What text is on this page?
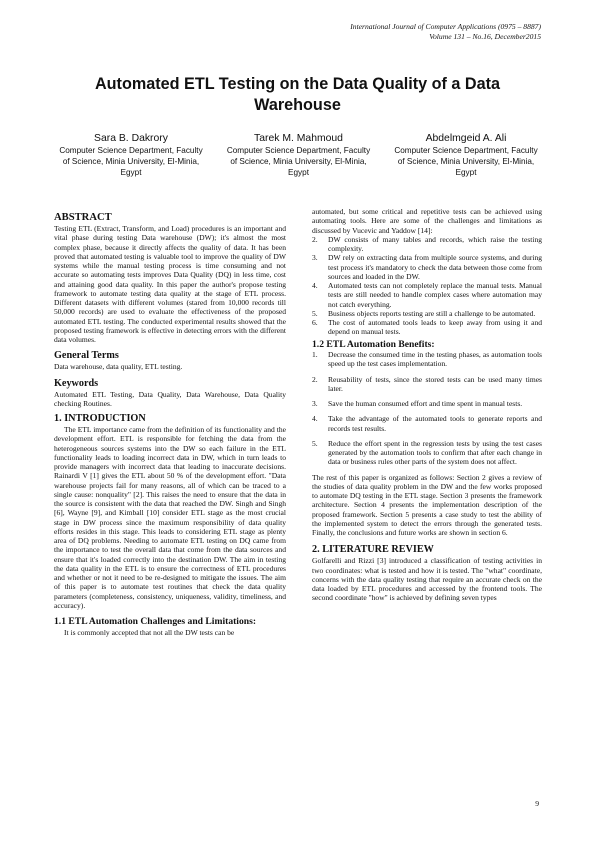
International Journal of Computer Applications (0975 – 8887)
Volume 131 – No.16, December2015
Automated ETL Testing on the Data Quality of a Data Warehouse
Sara B. Dakrory
Computer Science Department, Faculty of Science, Minia University, El-Minia, Egypt
Tarek M. Mahmoud
Computer Science Department, Faculty of Science, Minia University, El-Minia, Egypt
Abdelmgeid A. Ali
Computer Science Department, Faculty of Science, Minia University, El-Minia, Egypt
ABSTRACT

Testing ETL (Extract, Transform, and Load) procedures is an important and vital phase during testing Data warehouse (DW); it's almost the most complex phase, because it directly affects the quality of data. It has been proved that automated testing is valuable tool to improve the quality of DW systems while the manual testing process is time consuming and not accurate so automating tests improves Data Quality (DQ) in less time, cost and attaining good data quality. In this paper the author's propose testing framework to automate testing data quality at the stage of ETL process. Different datasets with different volumes (stared from 10,000 records till 50,000 records) are used to evaluate the effectiveness of the proposed automated ETL testing. The conducted experimental results showed that the proposed testing framework is effective in detecting errors with the different data volumes.

General Terms

Data warehouse, data quality, ETL testing.

Keywords

Automated ETL Testing, Data Quality, Data Warehouse, Data Quality checking Routines.

1. INTRODUCTION

The ETL importance came from the definition of its functionality and the development effort. ETL is responsible for fetching the data from the heterogeneous sources systems into the DW so each failure in the ETL functionality leads to loading incorrect data in DW, which in turn leads to provide managers with incorrect data that leading to inaccurate decisions. Rainardi V [1] gives the ETL about 50 % of the development effort. "Data warehouse projects fail for many reasons, all of which can be traced to a single cause: nonquality" [2]. This raises the need to ensure that the data in the source is consistent with the data that reached the DW. Singh and Singh [6], Wayne [9], and Kimball [10] consider ETL stage as the most crucial stage in DW process since the maximum responsibility of data quality efforts resides in this stage. This leads to considering ETL stage as plenty area of DQ problems. Needing to automate ETL testing on DQ came from the importance to test the overall data that come from the data sources and ensure that it's loaded correctly into the destination DW. The aim in testing the data quality in the ETL is to ensure the correctness of ETL procedures and whether or not it need to be re-designed to mitigate the issues. The aim of this paper is to automate test routines that check the data quality parameters (completeness, consistency, uniqueness, validity, timeliness, and accuracy).

1.1 ETL Automation Challenges and Limitations:

It is commonly accepted that not all the DW tests can be

automated, but some critical and repetitive tests can be achieved using automating tools. Here are some of the challenges and limitations as discussed by Vucevic and Yaddow [14]:

2.	DW consists of many tables and records, which raise the testing complexity.
3.	DW rely on extracting data from multiple source systems, and during test process it's mandatory to check the data between those come from sources and loaded in the DW.
4.	Automated tests can not completely replace the manual tests. Manual tests are still needed to handle complex cases where automation may not catch everything.
5.	Business objects reports testing are still a challenge to be automated.
6.	The cost of automated tools leads to keep away from using it and depend on manual tests.
1.2 ETL Automation Benefits:
1.	Decrease the consumed time in the testing phases, as automation tools speed up the test cases implementation.
2.	Reusability of tests, since the stored tests can be used many times later.
3.	Save the human consumed effort and time spent in manual tests.
4.	Take the advantage of the automated tools to generate reports and records test results.
5.	Reduce the effort spent in the regression tests by using the test cases generated by the automation tools to confirm that after each change in data or business rules other parts of the system does not affect.

The rest of this paper is organized as follows: Section 2 gives a review of the studies of data quality problem in the DW and the few works proposed to automate DQ testing in the ETL stage. Section 3 presents the framework architecture. Section 4 presents the implementation description of the proposed framework. Section 5 presents a case study to test the ability of the implemented system to detect the errors through the generated tests. Finally, the conclusions and future works are shown in section 6.

2. LITERATURE REVIEW

Golfarelli and Rizzi [3] introduced a classification of testing activities in two coordinates: what is tested and how it is tested. The "what" coordinate, concerns with the data quality testing that require an accurate check on the data loaded by ETL procedures and accessed by the frontend tools. The second coordinate "how" is achieved by defining seven types

9
